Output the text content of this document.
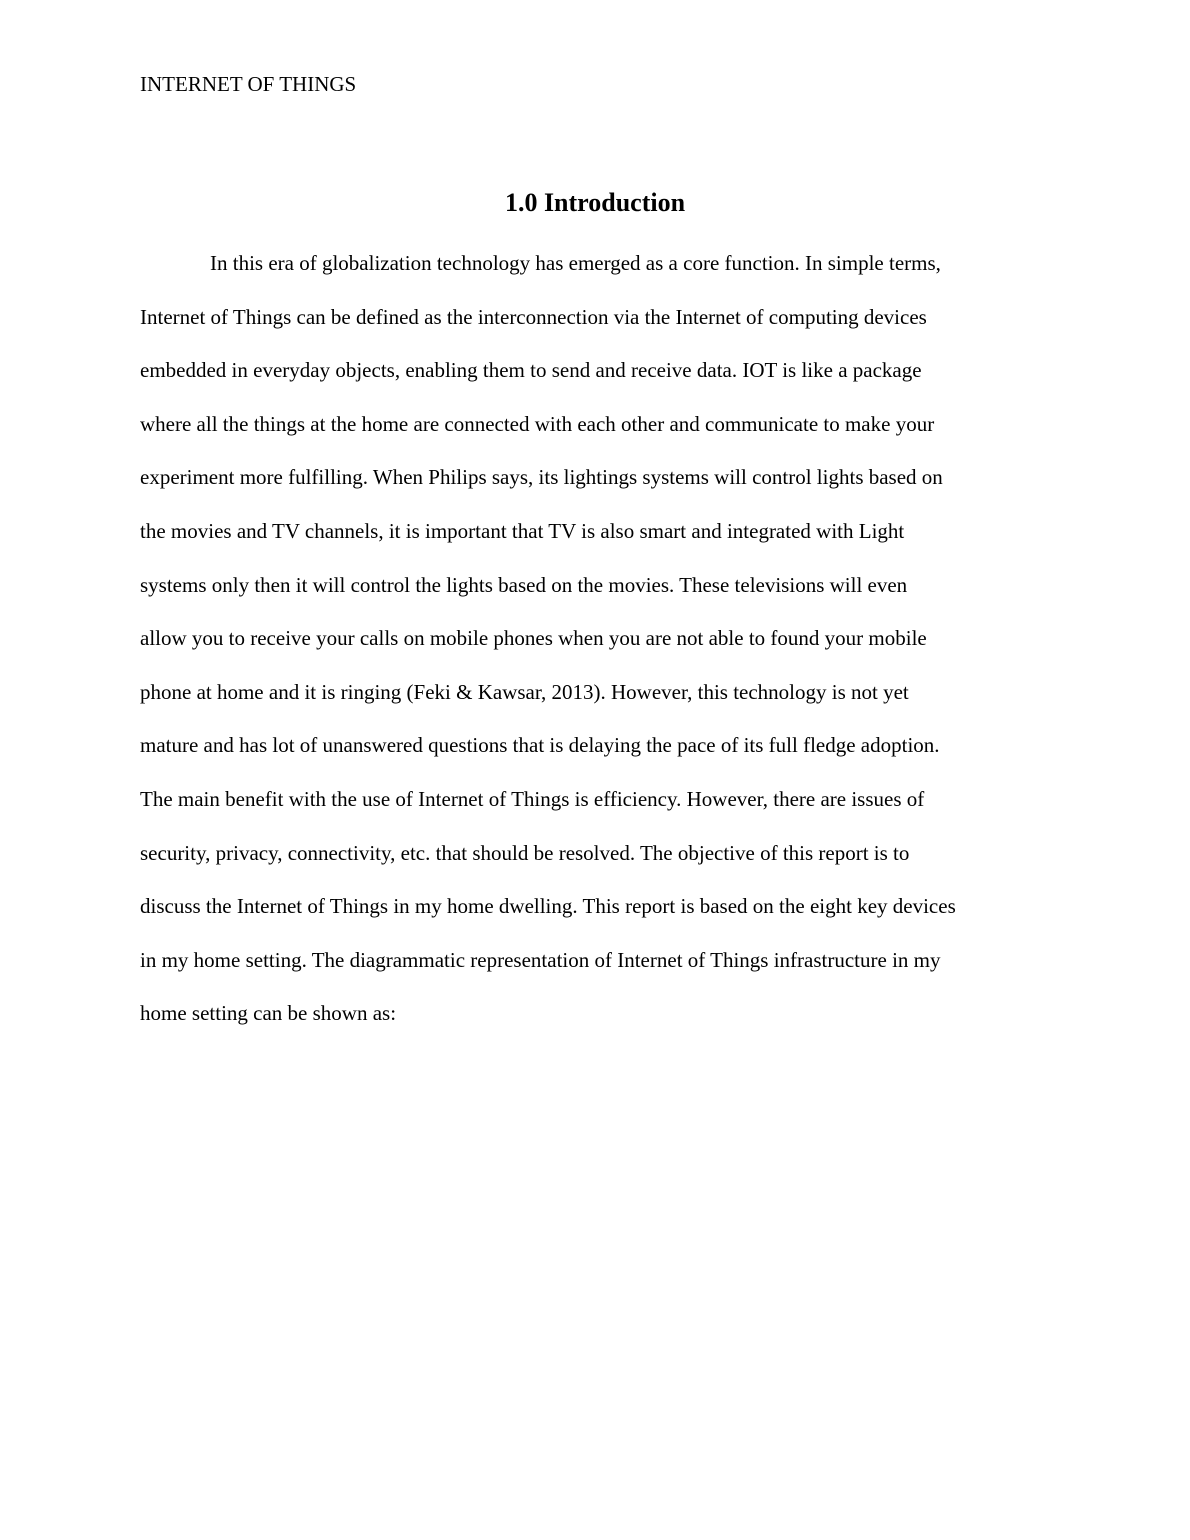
INTERNET OF THINGS
1.0 Introduction
In this era of globalization technology has emerged as a core function. In simple terms,
Internet of Things can be defined as the interconnection via the Internet of computing devices
embedded in everyday objects, enabling them to send and receive data. IOT is like a package
where all the things at the home are connected with each other and communicate to make your
experiment more fulfilling. When Philips says, its lightings systems will control lights based on
the movies and TV channels, it is important that TV is also smart and integrated with Light
systems only then it will control the lights based on the movies. These televisions will even
allow you to receive your calls on mobile phones when you are not able to found your mobile
phone at home and it is ringing (Feki & Kawsar, 2013). However, this technology is not yet
mature and has lot of unanswered questions that is delaying the pace of its full fledge adoption.
The main benefit with the use of Internet of Things is efficiency. However, there are issues of
security, privacy, connectivity, etc. that should be resolved. The objective of this report is to
discuss the Internet of Things in my home dwelling. This report is based on the eight key devices
in my home setting. The diagrammatic representation of Internet of Things infrastructure in my
home setting can be shown as:
